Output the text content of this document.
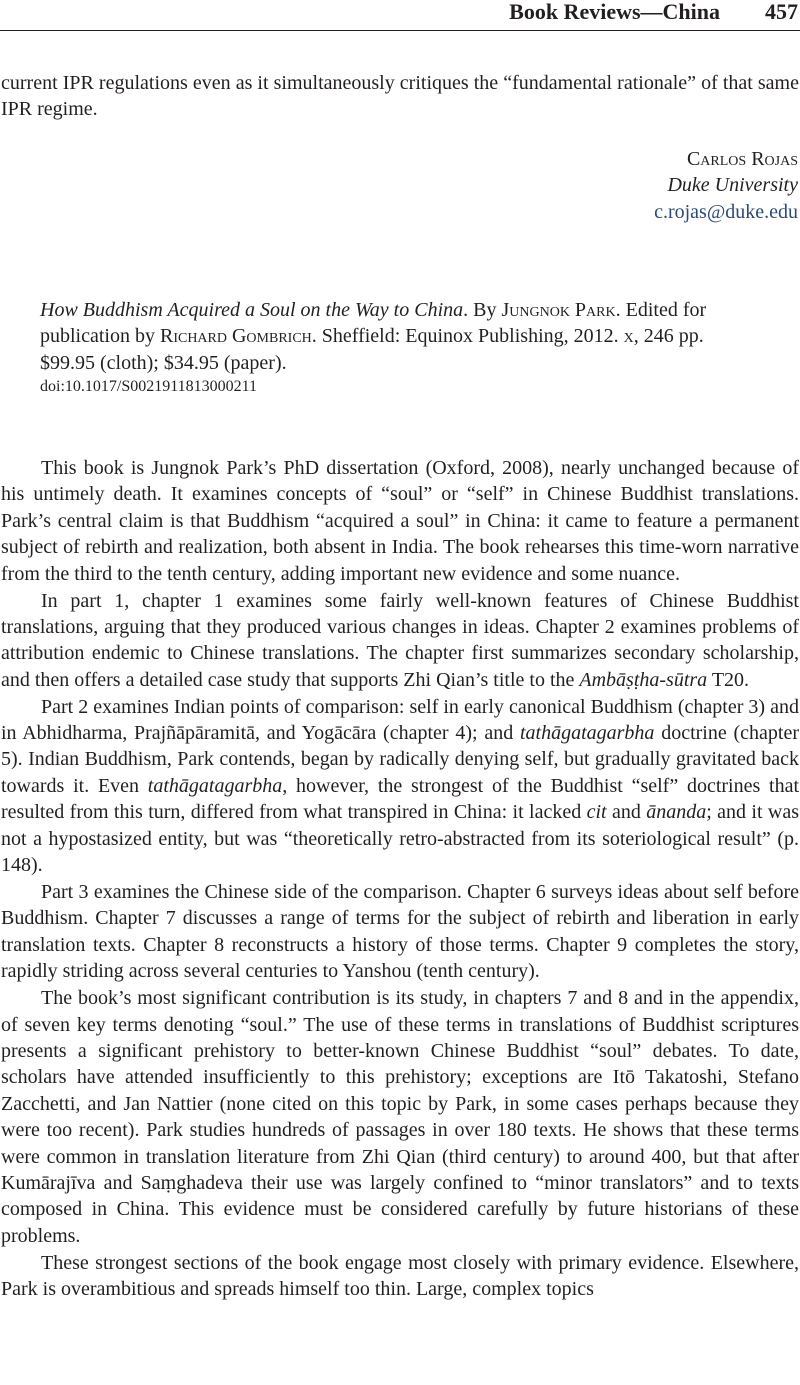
Book Reviews—China 457
current IPR regulations even as it simultaneously critiques the “fundamental rationale” of that same IPR regime.
Carlos Rojas
Duke University
c.rojas@duke.edu
How Buddhism Acquired a Soul on the Way to China. By Jungnok Park. Edited for publication by Richard Gombrich. Sheffield: Equinox Publishing, 2012. x, 246 pp. $99.95 (cloth); $34.95 (paper).
doi:10.1017/S0021911813000211

This book is Jungnok Park’s PhD dissertation (Oxford, 2008), nearly unchanged because of his untimely death. It examines concepts of “soul” or “self” in Chinese Buddhist translations. Park’s central claim is that Buddhism “acquired a soul” in China: it came to feature a permanent subject of rebirth and realization, both absent in India. The book rehearses this time-worn narrative from the third to the tenth century, adding important new evidence and some nuance.

In part 1, chapter 1 examines some fairly well-known features of Chinese Buddhist translations, arguing that they produced various changes in ideas. Chapter 2 examines problems of attribution endemic to Chinese translations. The chapter first summarizes secondary scholarship, and then offers a detailed case study that supports Zhi Qian’s title to the Ambāṣṭha-sūtra T20.

Part 2 examines Indian points of comparison: self in early canonical Buddhism (chapter 3) and in Abhidharma, Prajñāpāramitā, and Yogācāra (chapter 4); and tathāgatagarbha doctrine (chapter 5). Indian Buddhism, Park contends, began by radically denying self, but gradually gravitated back towards it. Even tathāgatagarbha, however, the strongest of the Buddhist “self” doctrines that resulted from this turn, differed from what transpired in China: it lacked cit and ānanda; and it was not a hypostasized entity, but was “theoretically retro-abstracted from its soteriological result” (p. 148).

Part 3 examines the Chinese side of the comparison. Chapter 6 surveys ideas about self before Buddhism. Chapter 7 discusses a range of terms for the subject of rebirth and liberation in early translation texts. Chapter 8 reconstructs a history of those terms. Chapter 9 completes the story, rapidly striding across several centuries to Yanshou (tenth century).

The book’s most significant contribution is its study, in chapters 7 and 8 and in the appendix, of seven key terms denoting “soul.” The use of these terms in translations of Buddhist scriptures presents a significant prehistory to better-known Chinese Buddhist “soul” debates. To date, scholars have attended insufficiently to this prehistory; exceptions are Itō Takatoshi, Stefano Zacchetti, and Jan Nattier (none cited on this topic by Park, in some cases perhaps because they were too recent). Park studies hundreds of passages in over 180 texts. He shows that these terms were common in translation literature from Zhi Qian (third century) to around 400, but that after Kumārajīva and Saṃghadeva their use was largely confined to “minor translators” and to texts composed in China. This evidence must be considered carefully by future historians of these problems.

These strongest sections of the book engage most closely with primary evidence. Elsewhere, Park is overambitious and spreads himself too thin. Large, complex topics
